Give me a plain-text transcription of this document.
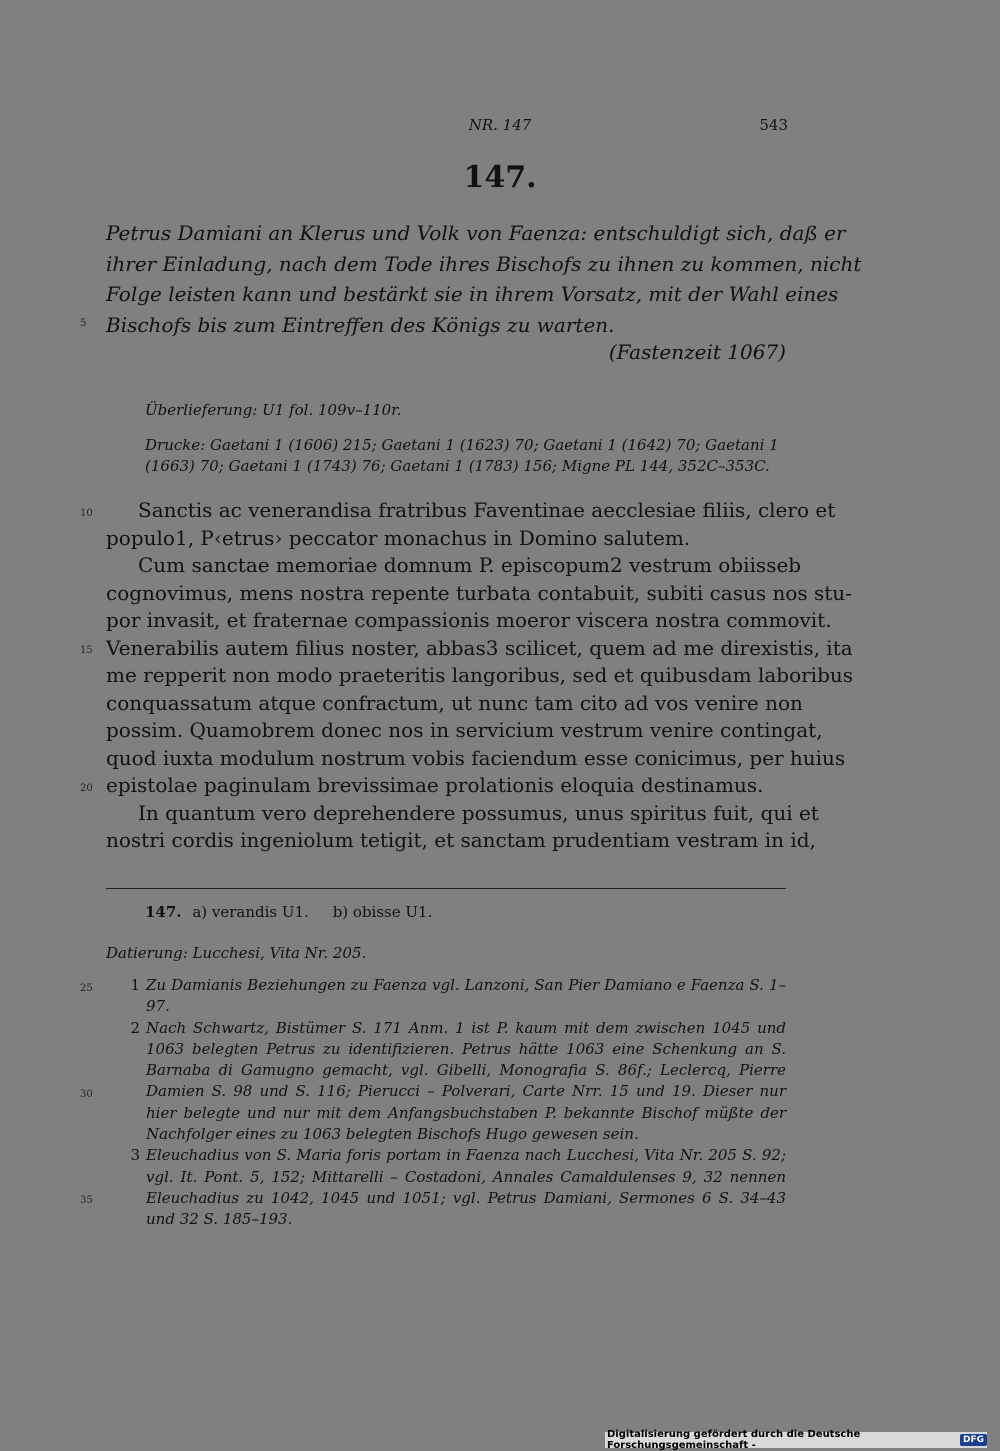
NR. 147	543
147.
Petrus Damiani an Klerus und Volk von Faenza: entschuldigt sich, daß er
ihrer Einladung, nach dem Tode ihres Bischofs zu ihnen zu kommen, nicht
Folge leisten kann und bestärkt sie in ihrem Vorsatz, mit der Wahl eines
Bischofs bis zum Eintreffen des Königs zu warten.
5
(Fastenzeit 1067)

Überlieferung: U1 fol. 109v–110r.

Drucke: Gaetani 1 (1606) 215; Gaetani 1 (1623) 70; Gaetani 1 (1642) 70; Gaetani 1 (1663) 70; Gaetani 1 (1743) 76; Gaetani 1 (1783) 156; Migne PL 144, 352C–353C.

Sanctis ac venerandisa fratribus Faventinae aecclesiae filiis, clero et
populo1, P‹etrus› peccator monachus in Domino salutem.
Cum sanctae memoriae domnum P. episcopum2 vestrum obiisseb
cognovimus, mens nostra repente turbata contabuit, subiti casus nos stu-
por invasit, et fraternae compassionis moeror viscera nostra commovit.
Venerabilis autem filius noster, abbas3 scilicet, quem ad me direxistis, ita
me repperit non modo praeteritis langoribus, sed et quibusdam laboribus
conquassatum atque confractum, ut nunc tam cito ad vos venire non
possim. Quamobrem donec nos in servicium vestrum venire contingat,
quod iuxta modulum nostrum vobis faciendum esse conicimus, per huius
epistolae paginulam brevissimae prolationis eloquia destinamus.
In quantum vero deprehendere possumus, unus spiritus fuit, qui et
nostri cordis ingeniolum tetigit, et sanctam prudentiam vestram in id,
10
15
20
147. a) verandis U1. b) obisse U1.
Datierung: Lucchesi, Vita Nr. 205.
1 Zu Damianis Beziehungen zu Faenza vgl. Lanzoni, San Pier Damiano e Faenza S. 1–97.
2 Nach Schwartz, Bistümer S. 171 Anm. 1 ist P. kaum mit dem zwischen 1045 und 1063 belegten Petrus zu identifizieren. Petrus hätte 1063 eine Schenkung an S. Barnaba di Gamugno gemacht, vgl. Gibelli, Monografia S. 86f.; Leclercq, Pierre Damien S. 98 und S. 116; Pierucci – Polverari, Carte Nrr. 15 und 19. Dieser nur hier belegte und nur mit dem Anfangsbuchstaben P. bekannte Bischof müßte der Nachfolger eines zu 1063 belegten Bischofs Hugo gewesen sein.
3 Eleuchadius von S. Maria foris portam in Faenza nach Lucchesi, Vita Nr. 205 S. 92; vgl. It. Pont. 5, 152; Mittarelli – Costadoni, Annales Camaldulenses 9, 32 nennen Eleuchadius zu 1042, 1045 und 1051; vgl. Petrus Damiani, Sermones 6 S. 34–43 und 32 S. 185–193.
25
30
35
Digitalisierung gefördert durch die Deutsche Forschungsgemeinschaft -	DFG
